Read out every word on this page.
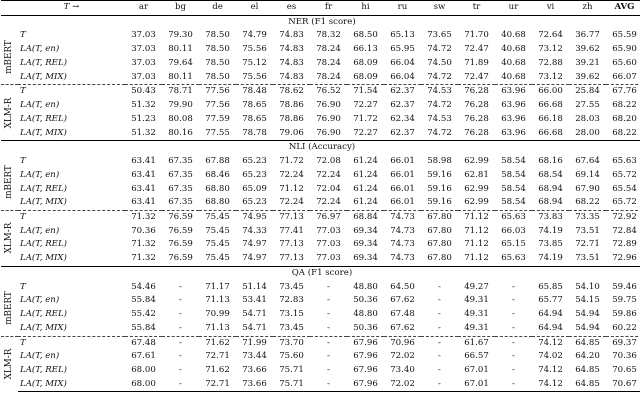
	T →	ar	bg	de	el	es	fr	hi	ru	sw	tr	ur	vi	zh	AVG
NER (F1 score)															

mBERT	T	37.03	79.30	78.50	74.79	74.83	78.32	68.50	65.13	73.65	71.70	40.68	72.64	36.77	65.59
	LA(T, en)	37.03	80.11	78.50	75.56	74.83	78.24	66.13	65.95	74.72	72.47	40.68	73.12	39.62	65.90
	LA(T, REL)	37.03	79.64	78.50	75.12	74.83	78.24	68.09	66.04	74.50	71.89	40.68	72.88	39.21	65.60
	LA(T, MIX)	37.03	80.11	78.50	75.56	74.83	78.24	68.09	66.04	74.72	72.47	40.68	73.12	39.62	66.07

XLM-R	T	50.43	78.71	77.56	78.48	78.62	76.52	71.54	62.37	74.53	76.28	63.96	66.00	25.84	67.76
	LA(T, en)	51.32	79.90	77.56	78.65	78.86	76.90	72.27	62.37	74.72	76.28	63.96	66.68	27.55	68.22
	LA(T, REL)	51.23	80.08	77.59	78.65	78.86	76.90	71.72	62.34	74.53	76.28	63.96	66.18	28.03	68.20
	LA(T, MIX)	51.32	80.16	77.55	78.78	79.06	76.90	72.27	62.37	74.72	76.28	63.96	66.68	28.00	68.22
NLI (Accuracy)															

mBERT	T	63.41	67.35	67.88	65.23	71.72	72.08	61.24	66.01	58.98	62.99	58.54	68.16	67.64	65.63
	LA(T, en)	63.41	67.35	68.46	65.23	72.24	72.24	61.24	66.01	59.16	62.81	58.54	68.54	69.14	65.72
	LA(T, REL)	63.41	67.35	68.80	65.09	71.12	72.04	61.24	66.01	59.16	62.99	58.54	68.94	67.90	65.54
	LA(T, MIX)	63.41	67.35	68.80	65.23	72.24	72.24	61.24	66.01	59.16	62.99	58.54	68.94	68.22	65.72

XLM-R	T	71.32	76.59	75.45	74.95	77.13	76.97	68.84	74.73	67.80	71.12	65.63	73.83	73.35	72.92
	LA(T, en)	70.36	76.59	75.45	74.33	77.41	77.03	69.34	74.73	67.80	71.12	66.03	74.19	73.51	72.84
	LA(T, REL)	71.32	76.59	75.45	74.97	77.13	77.03	69.34	74.73	67.80	71.12	65.15	73.85	72.71	72.89
	LA(T, MIX)	71.32	76.59	75.45	74.97	77.13	77.03	69.34	74.73	67.80	71.12	65.63	74.19	73.51	72.96
QA (F1 score)															

mBERT	T	54.46	-	71.17	51.14	73.45	-	48.80	64.50	-	49.27	-	65.85	54.10	59.46
	LA(T, en)	55.84	-	71.13	53.41	72.83	-	50.36	67.62	-	49.31	-	65.77	54.15	59.75
	LA(T, REL)	55.42	-	70.99	54.71	73.15	-	48.80	67.48	-	49.31	-	64.94	54.94	59.86
	LA(T, MIX)	55.84	-	71.13	54.71	73.45	-	50.36	67.62	-	49.31	-	64.94	54.94	60.22

XLM-R	T	67.48	-	71.62	71.99	73.70	-	67.96	70.96	-	61.67	-	74.12	64.85	69.37
	LA(T, en)	67.61	-	72.71	73.44	75.60	-	67.96	72.02	-	66.57	-	74.02	64.20	70.36
	LA(T, REL)	68.00	-	71.62	73.66	75.71	-	67.96	73.40	-	67.01	-	74.12	64.85	70.65
	LA(T, MIX)	68.00	-	72.71	73.66	75.71	-	67.96	72.02	-	67.01	-	74.12	64.85	70.67
